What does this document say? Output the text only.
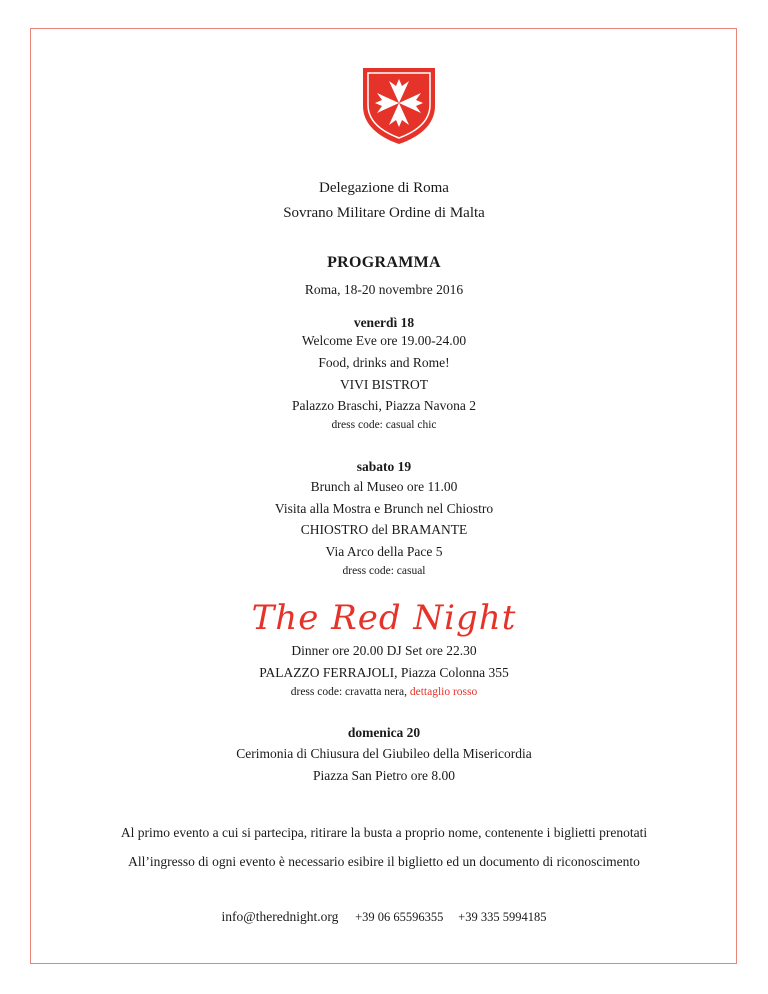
Delegazione di Roma
Sovrano Militare Ordine di Malta
PROGRAMMA
Roma, 18-20 novembre 2016
venerdì 18
Welcome Eve ore 19.00-24.00
Food, drinks and Rome!
VIVI BISTROT
Palazzo Braschi, Piazza Navona 2
dress code: casual chic
sabato 19
Brunch al Museo ore 11.00
Visita alla Mostra e Brunch nel Chiostro
CHIOSTRO del BRAMANTE
Via Arco della Pace 5
dress code: casual
The Red Night
Dinner ore 20.00 DJ Set ore 22.30
PALAZZO FERRAJOLI, Piazza Colonna 355
dress code: cravatta nera, dettaglio rosso
domenica 20
Cerimonia di Chiusura del Giubileo della Misericordia
Piazza San Pietro ore 8.00
Al primo evento a cui si partecipa, ritirare la busta a proprio nome, contenente i biglietti prenotati
All’ingresso di ogni evento è necessario esibire il biglietto ed un documento di riconoscimento
info@therednight.org +39 06 65596355 +39 335 5994185
